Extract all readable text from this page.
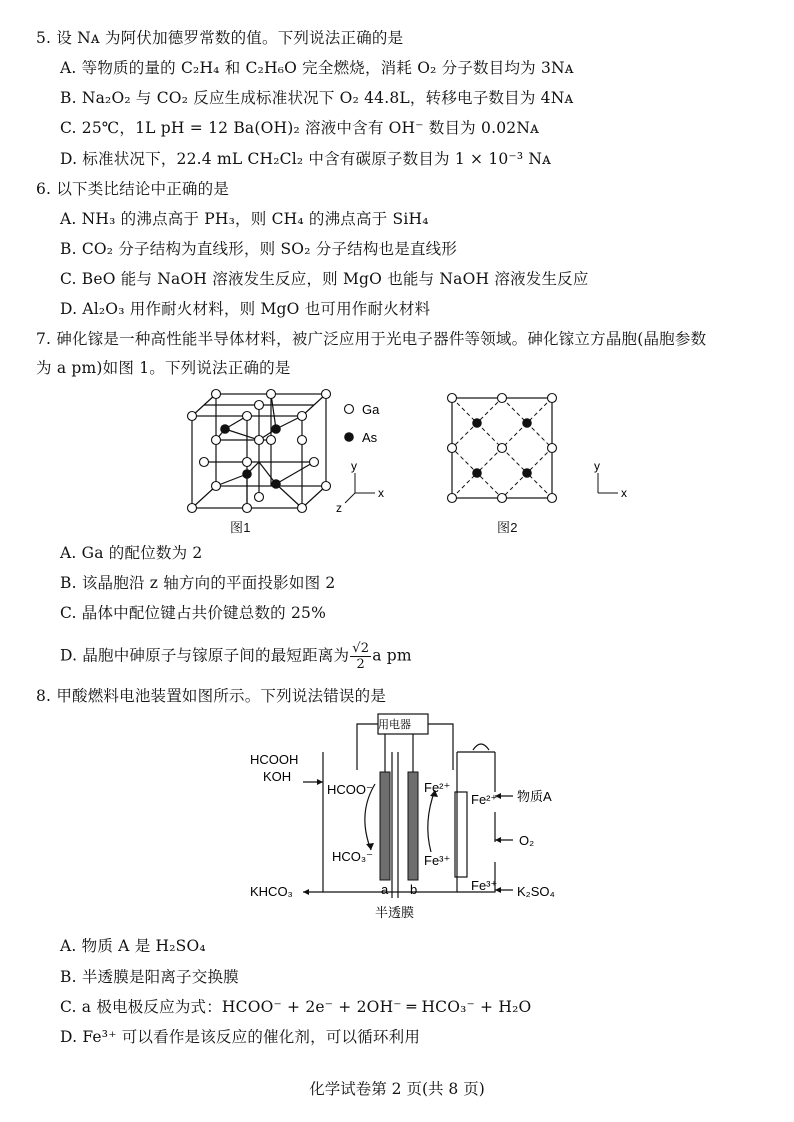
5. 设 Nᴀ 为阿伏加德罗常数的值。下列说法正确的是
A. 等物质的量的 C₂H₄ 和 C₂H₆O 完全燃烧，消耗 O₂ 分子数目均为 3Nᴀ
B. Na₂O₂ 与 CO₂ 反应生成标准状况下 O₂ 44.8L，转移电子数目为 4Nᴀ
C. 25℃，1L pH = 12 Ba(OH)₂ 溶液中含有 OH⁻ 数目为 0.02Nᴀ
D. 标准状况下，22.4 mL CH₂Cl₂ 中含有碳原子数目为 1 × 10⁻³ Nᴀ
6. 以下类比结论中正确的是
A. NH₃ 的沸点高于 PH₃，则 CH₄ 的沸点高于 SiH₄
B. CO₂ 分子结构为直线形，则 SO₂ 分子结构也是直线形
C. BeO 能与 NaOH 溶液发生反应，则 MgO 也能与 NaOH 溶液发生反应
D. Al₂O₃ 用作耐火材料，则 MgO 也可用作耐火材料
7. 砷化镓是一种高性能半导体材料，被广泛应用于光电子器件等领域。砷化镓立方晶胞(晶胞参数
为 a pm)如图 1。下列说法正确的是
Ga
As
y
x
z
图1
y
x
图2
A. Ga 的配位数为 2
B. 该晶胞沿 z 轴方向的平面投影如图 2
C. 晶体中配位键占共价键总数的 25%
D. 晶胞中砷原子与镓原子间的最短距离为 $\frac{√2}{2}$ a pm
8. 甲酸燃料电池装置如图所示。下列说法错误的是
用电器
HCOOH
KOH
HCOO⁻
HCO₃⁻
Fe²⁺
Fe³⁺
Fe²⁺
Fe³⁺
物质A
O₂
KHCO₃	K₂SO₄
a b
半透膜
A. 物质 A 是 H₂SO₄
B. 半透膜是阳离子交换膜
C. a 极电极反应为式：HCOO⁻ + 2e⁻ + 2OH⁻ ═ HCO₃⁻ + H₂O
D. Fe³⁺ 可以看作是该反应的催化剂，可以循环利用
化学试卷第 2 页(共 8 页)
